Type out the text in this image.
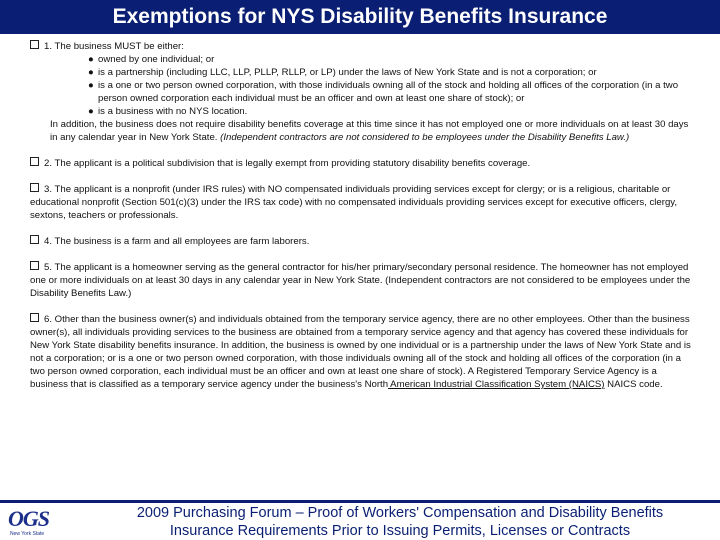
Exemptions for NYS Disability Benefits Insurance
1. The business MUST be either:
● owned by one individual; or
● is a partnership (including LLC, LLP, PLLP, RLLP, or LP) under the laws of New York State and is not a corporation; or
● is a one or two person owned corporation, with those individuals owning all of the stock and holding all offices of the corporation (in a two person owned corporation each individual must be an officer and own at least one share of stock); or
● is a business with no NYS location.
In addition, the business does not require disability benefits coverage at this time since it has not employed one or more individuals on at least 30 days in any calendar year in New York State. (Independent contractors are not considered to be employees under the Disability Benefits Law.)
2. The applicant is a political subdivision that is legally exempt from providing statutory disability benefits coverage.
3. The applicant is a nonprofit (under IRS rules) with NO compensated individuals providing services except for clergy; or is a religious, charitable or educational nonprofit (Section 501(c)(3) under the IRS tax code) with no compensated individuals providing services except for executive officers, clergy, sextons, teachers or professionals.
4. The business is a farm and all employees are farm laborers.
5. The applicant is a homeowner serving as the general contractor for his/her primary/secondary personal residence. The homeowner has not employed one or more individuals on at least 30 days in any calendar year in New York State. (Independent contractors are not considered to be employees under the Disability Benefits Law.)
6. Other than the business owner(s) and individuals obtained from the temporary service agency, there are no other employees. Other than the business owner(s), all individuals providing services to the business are obtained from a temporary service agency and that agency has covered these individuals for New York State disability benefits insurance. In addition, the business is owned by one individual or is a partnership under the laws of New York State and is not a corporation; or is a one or two person owned corporation, with those individuals owning all of the stock and holding all offices of the corporation (in a two person owned corporation, each individual must be an officer and own at least one share of stock). A Registered Temporary Service Agency is a business that is classified as a temporary service agency under the business's North American Industrial Classification System (NAICS) NAICS code.
OGS
New York State
2009 Purchasing Forum – Proof of Workers' Compensation and Disability Benefits
Insurance Requirements Prior to Issuing Permits, Licenses or Contracts
